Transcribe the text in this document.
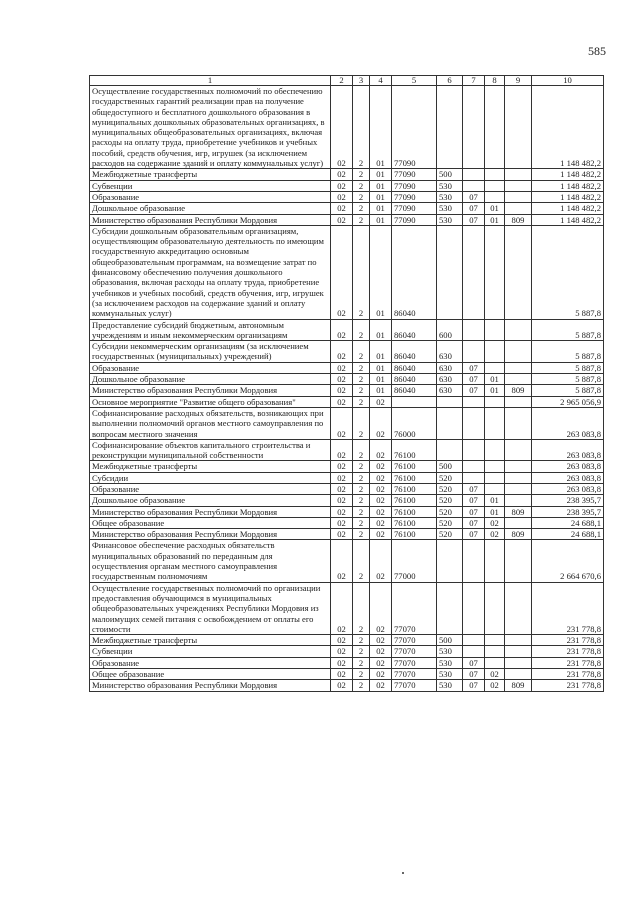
585
1	2	3	4	5	6	7	8	9	10
Осуществление государственных полномочий по обеспечению государственных гарантий реализации прав на получение общедоступного и бесплатного дошкольного образования в муниципальных дошкольных образовательных организациях, в муниципальных общеобразовательных организациях, включая расходы на оплату труда, приобретение учебников и учебных пособий, средств обучения, игр, игрушек (за исключением расходов на содержание зданий и оплату коммунальных услуг)	02	2	01	77090					1 148 482,2
Межбюджетные трансферты	02	2	01	77090	500				1 148 482,2
Субвенции	02	2	01	77090	530				1 148 482,2
Образование	02	2	01	77090	530	07			1 148 482,2
Дошкольное образование	02	2	01	77090	530	07	01		1 148 482,2
Министерство образования Республики Мордовия	02	2	01	77090	530	07	01	809	1 148 482,2
Субсидии дошкольным образовательным организациям, осуществляющим образовательную деятельность по имеющим государственную аккредитацию основным общеобразовательным программам, на возмещение затрат по финансовому обеспечению получения дошкольного образования, включая расходы на оплату труда, приобретение учебников и учебных пособий, средств обучения, игр, игрушек (за исключением расходов на содержание зданий и оплату коммунальных услуг)	02	2	01	86040					5 887,8
Предоставление субсидий бюджетным, автономным учреждениям и иным некоммерческим организациям	02	2	01	86040	600				5 887,8
Субсидии некоммерческим организациям (за исключением государственных (муниципальных) учреждений)	02	2	01	86040	630				5 887,8
Образование	02	2	01	86040	630	07			5 887,8
Дошкольное образование	02	2	01	86040	630	07	01		5 887,8
Министерство образования Республики Мордовия	02	2	01	86040	630	07	01	809	5 887,8
Основное мероприятие "Развитие общего образования"	02	2	02						2 965 056,9
Софинансирование расходных обязательств, возникающих при выполнении полномочий органов местного самоуправления по вопросам местного значения	02	2	02	76000					263 083,8
Софинансирование объектов капитального строительства и реконструкции муниципальной собственности	02	2	02	76100					263 083,8
Межбюджетные трансферты	02	2	02	76100	500				263 083,8
Субсидии	02	2	02	76100	520				263 083,8
Образование	02	2	02	76100	520	07			263 083,8
Дошкольное образование	02	2	02	76100	520	07	01		238 395,7
Министерство образования Республики Мордовия	02	2	02	76100	520	07	01	809	238 395,7
Общее образование	02	2	02	76100	520	07	02		24 688,1
Министерство образования Республики Мордовия	02	2	02	76100	520	07	02	809	24 688,1
Финансовое обеспечение расходных обязательств муниципальных образований по переданным для осуществления органам местного самоуправления государственным полномочиям	02	2	02	77000					2 664 670,6
Осуществление государственных полномочий по организации предоставления обучающимся в муниципальных общеобразовательных учреждениях Республики Мордовия из малоимущих семей питания с освобождением от оплаты его стоимости	02	2	02	77070					231 778,8
Межбюджетные трансферты	02	2	02	77070	500				231 778,8
Субвенции	02	2	02	77070	530				231 778,8
Образование	02	2	02	77070	530	07			231 778,8
Общее образование	02	2	02	77070	530	07	02		231 778,8
Министерство образования Республики Мордовия	02	2	02	77070	530	07	02	809	231 778,8
